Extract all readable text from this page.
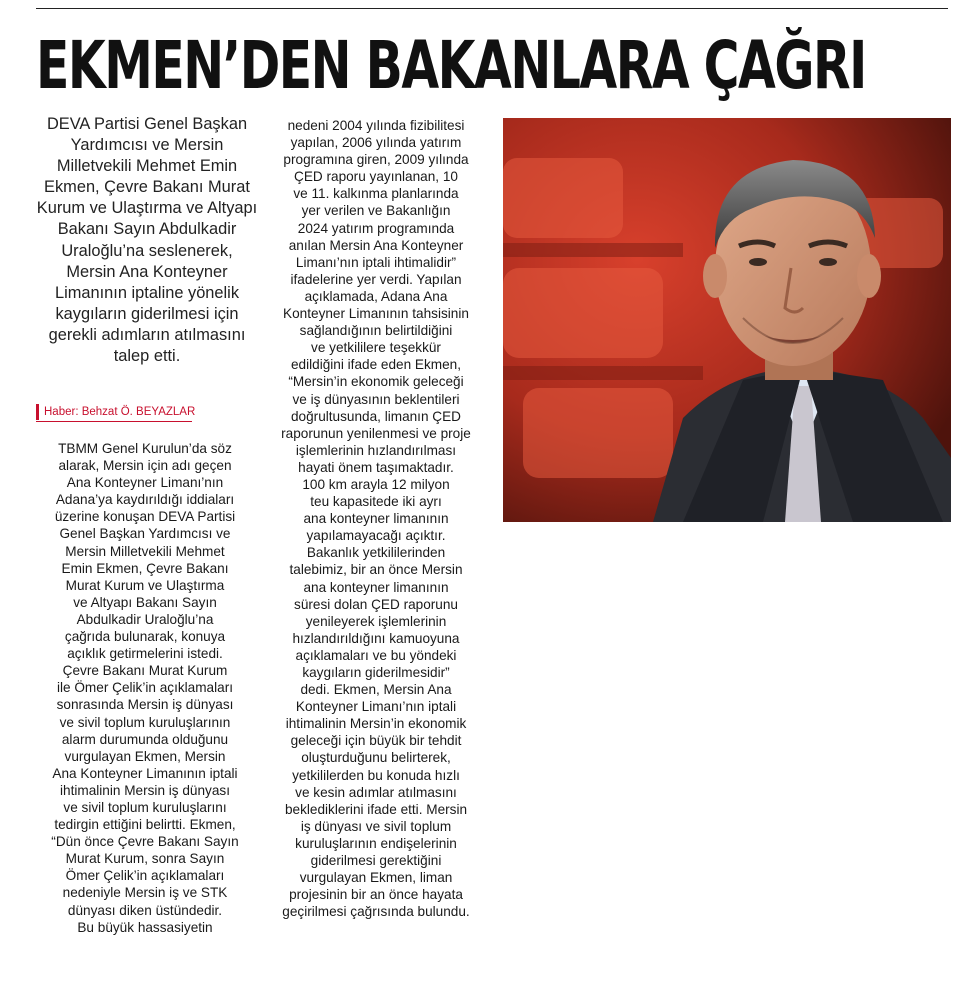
EKMEN’DEN BAKANLARA ÇAĞRI

DEVA Partisi Genel Başkan Yardımcısı ve Mersin Milletvekili Mehmet Emin Ekmen, Çevre Bakanı Murat Kurum ve Ulaştırma ve Altyapı Bakanı Sayın Abdulkadir Uraloğlu’na seslenerek, Mersin Ana Konteyner Limanının iptaline yönelik kaygıların giderilmesi için gerekli adımların atılmasını talep etti.

Haber: Behzat Ö. BEYAZLAR
TBMM Genel Kurulun’da söz
alarak, Mersin için adı geçen
Ana Konteyner Limanı’nın
Adana’ya kaydırıldığı iddiaları
üzerine konuşan DEVA Partisi
Genel Başkan Yardımcısı ve
Mersin Milletvekili Mehmet
Emin Ekmen, Çevre Bakanı
Murat Kurum ve Ulaştırma
ve Altyapı Bakanı Sayın
Abdulkadir Uraloğlu’na
çağrıda bulunarak, konuya
açıklık getirmelerini istedi.
Çevre Bakanı Murat Kurum
ile Ömer Çelik’in açıklamaları
sonrasında Mersin iş dünyası
ve sivil toplum kuruluşlarının
alarm durumunda olduğunu
vurgulayan Ekmen, Mersin
Ana Konteyner Limanının iptali
ihtimalinin Mersin iş dünyası
ve sivil toplum kuruluşlarını
tedirgin ettiğini belirtti. Ekmen,
“Dün önce Çevre Bakanı Sayın
Murat Kurum, sonra Sayın
Ömer Çelik’in açıklamaları
nedeniyle Mersin iş ve STK
dünyası diken üstündedir.
Bu büyük hassasiyetin
nedeni 2004 yılında fizibilitesi
yapılan, 2006 yılında yatırım
programına giren, 2009 yılında
ÇED raporu yayınlanan, 10
ve 11. kalkınma planlarında
yer verilen ve Bakanlığın
2024 yatırım programında
anılan Mersin Ana Konteyner
Limanı’nın iptali ihtimalidir”
ifadelerine yer verdi. Yapılan
açıklamada, Adana Ana
Konteyner Limanının tahsisinin
sağlandığının belirtildiğini
ve yetkililere teşekkür
edildiğini ifade eden Ekmen,
“Mersin’in ekonomik geleceği
ve iş dünyasının beklentileri
doğrultusunda, limanın ÇED
raporunun yenilenmesi ve proje
işlemlerinin hızlandırılması
hayati önem taşımaktadır.
100 km arayla 12 milyon
teu kapasitede iki ayrı
ana konteyner limanının
yapılamayacağı açıktır.
Bakanlık yetkililerinden
talebimiz, bir an önce Mersin
ana konteyner limanının
süresi dolan ÇED raporunu
yenileyerek işlemlerinin
hızlandırıldığını kamuoyuna
açıklamaları ve bu yöndeki
kaygıların giderilmesidir”
dedi. Ekmen, Mersin Ana
Konteyner Limanı’nın iptali
ihtimalinin Mersin’in ekonomik
geleceği için büyük bir tehdit
oluşturduğunu belirterek,
yetkililerden bu konuda hızlı
ve kesin adımlar atılmasını
beklediklerini ifade etti. Mersin
iş dünyası ve sivil toplum
kuruluşlarının endişelerinin
giderilmesi gerektiğini
vurgulayan Ekmen, liman
projesinin bir an önce hayata
geçirilmesi çağrısında bulundu.
